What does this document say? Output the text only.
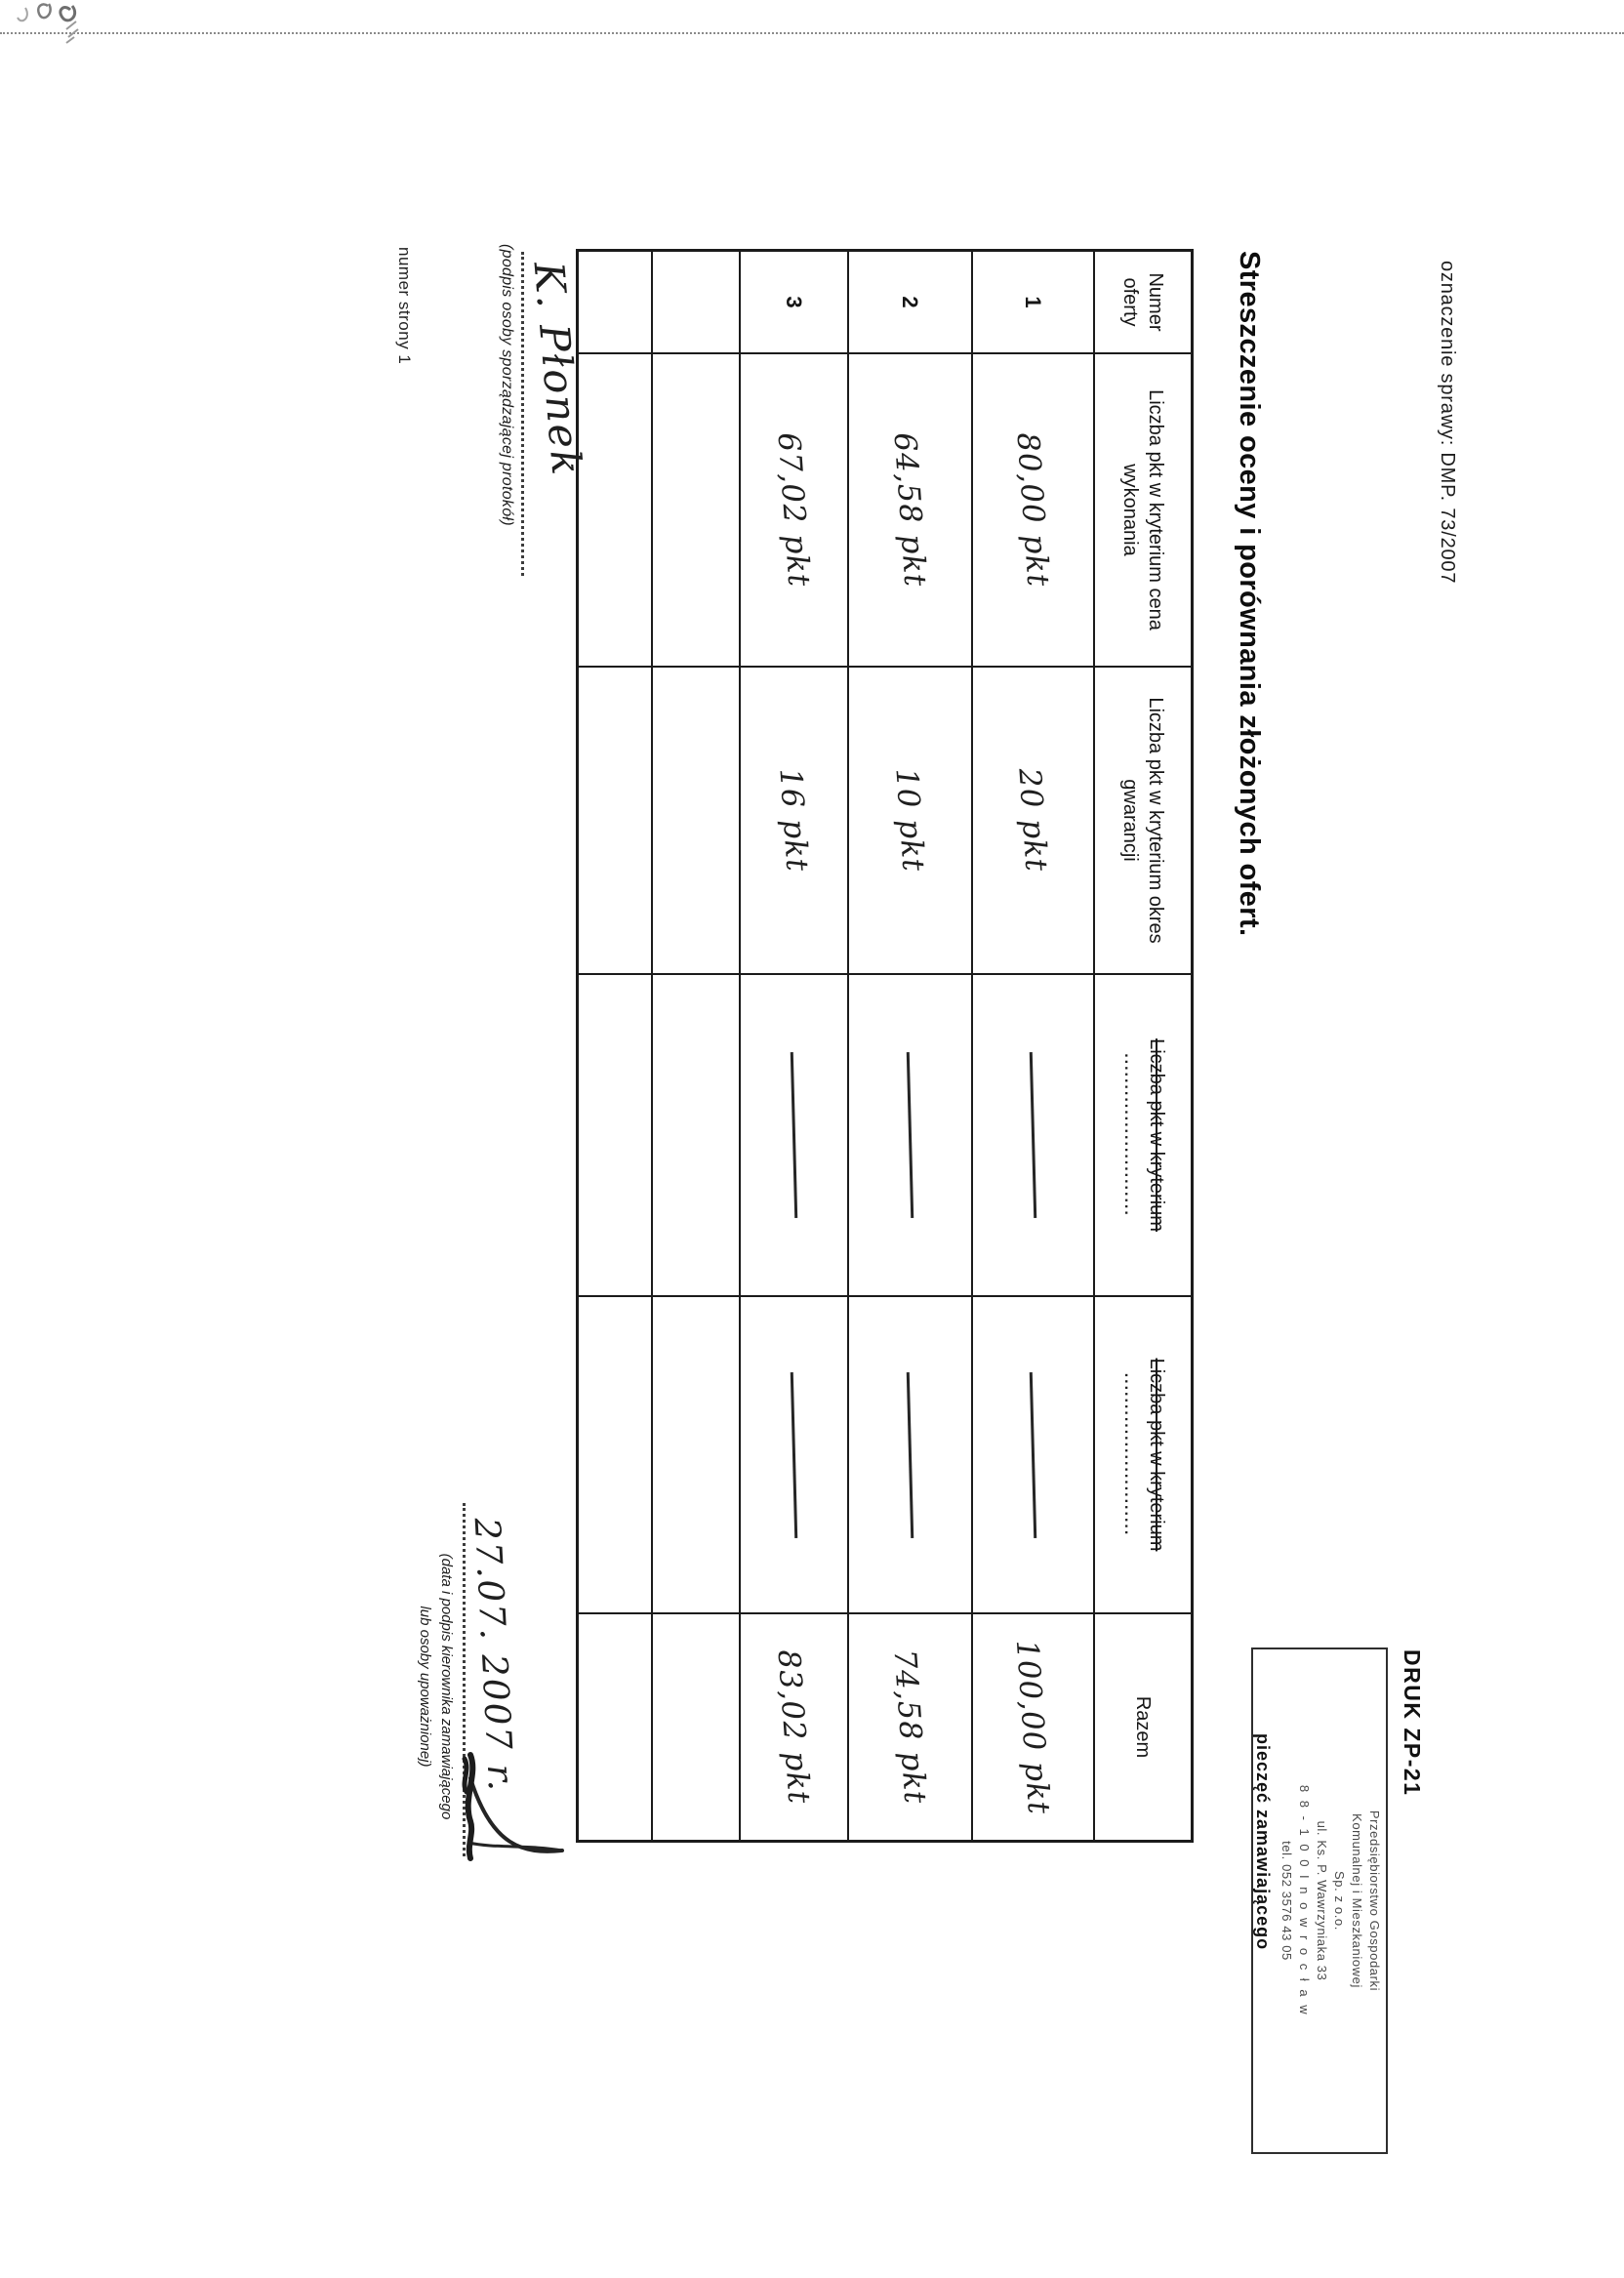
oznaczenie sprawy: DMP. 73/2007
DRUK ZP-21
Przedsiębiorstwo Gospodarki
Komunalnej i Mieszkaniowej
Sp. z o.o.
ul. Ks. P. Wawrzyniaka 33
8 8 - 1 0 0 I n o w r o c ł a w
tel. 052 3576 43 05
pieczęć zamawiającego
Streszczenie oceny i porównania złożonych ofert.
Numer oferty
Liczba pkt w kryterium cena wykonania
Liczba pkt w kryterium okres gwarancji
Liczba pkt w kryterium
..........................
Liczba pkt w kryterium
..........................
Razem
1
80,00 pkt
20 pkt
100,00 pkt
2
64,58 pkt
10 pkt
74,58 pkt
3
67,02 pkt
16 pkt
83,02 pkt
K. Płonek
(podpis osoby sporządzającej protokół)
27.07. 2007 r.
(data i podpis kierownika zamawiającego
lub osoby upoważnionej)
numer strony 1
